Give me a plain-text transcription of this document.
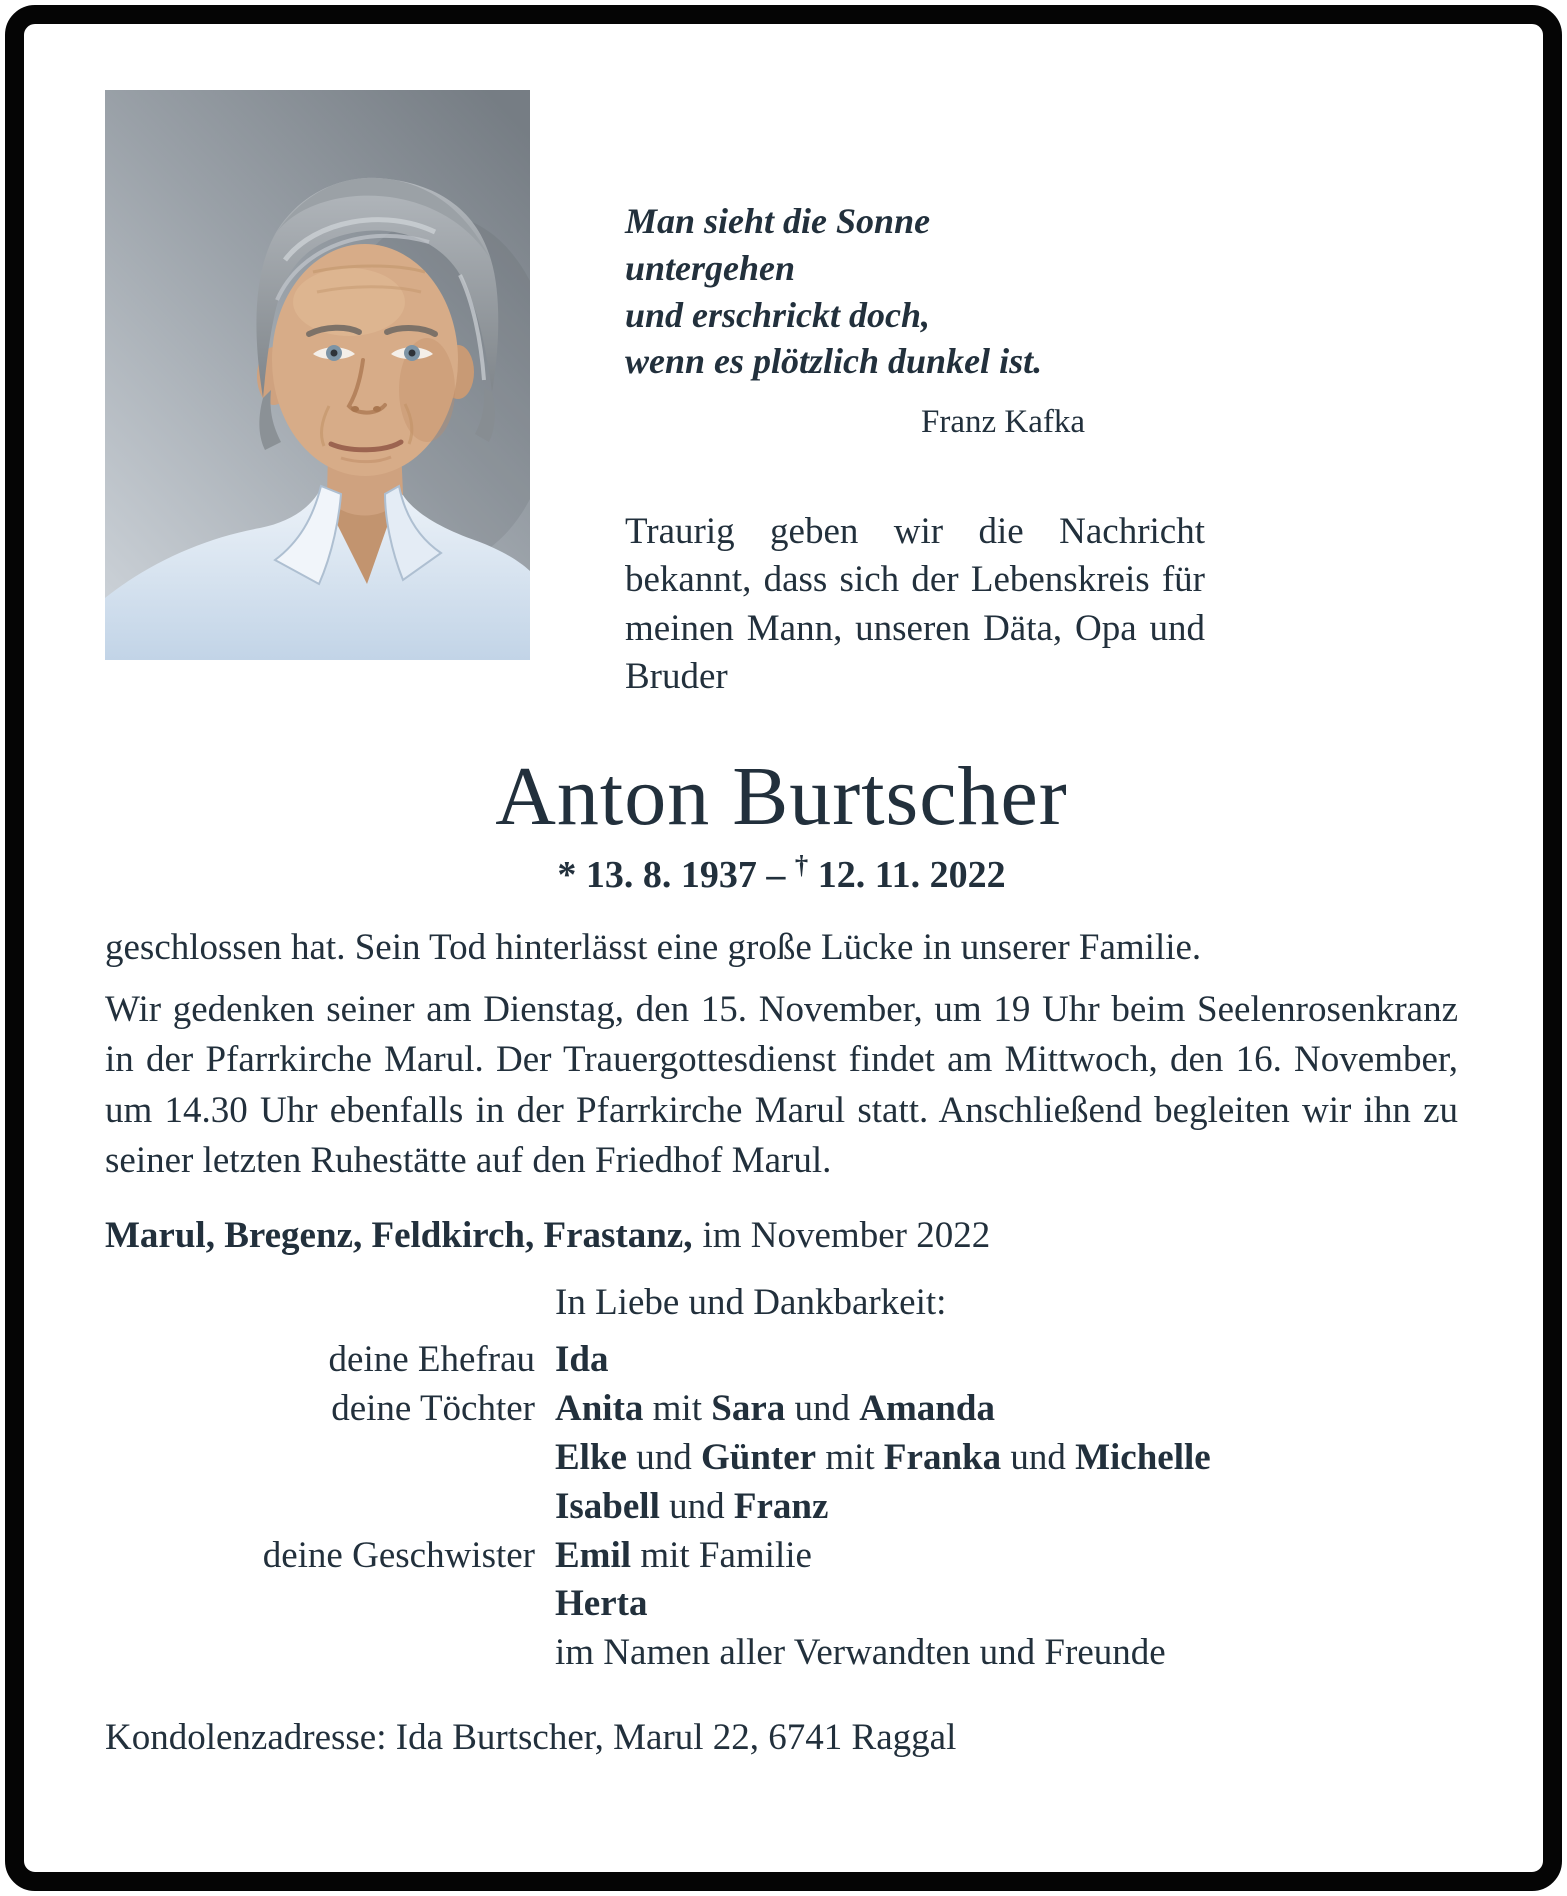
Man sieht die Sonne untergehen
und erschrickt doch,
wenn es plötzlich dunkel ist.
Franz Kafka
Traurig geben wir die Nachricht bekannt, dass sich der Lebenskreis für meinen Mann, unseren Däta, Opa und Bruder
Anton Burtscher
* 13. 8. 1937 – † 12. 11. 2022
geschlossen hat. Sein Tod hinterlässt eine große Lücke in unserer Familie.
Wir gedenken seiner am Dienstag, den 15. November, um 19 Uhr beim Seelenrosenkranz in der Pfarrkirche Marul. Der Trauergottesdienst findet am Mittwoch, den 16. November, um 14.30 Uhr ebenfalls in der Pfarrkirche Marul statt. Anschließend begleiten wir ihn zu seiner letzten Ruhestätte auf den Friedhof Marul.
Marul, Bregenz, Feldkirch, Frastanz, im November 2022
In Liebe und Dankbarkeit:
deine Ehefrau Ida
deine Töchter Anita mit Sara und Amanda
Elke und Günter mit Franka und Michelle
Isabell und Franz
deine Geschwister Emil mit Familie
Herta
im Namen aller Verwandten und Freunde
Kondolenzadresse: Ida Burtscher, Marul 22, 6741 Raggal
